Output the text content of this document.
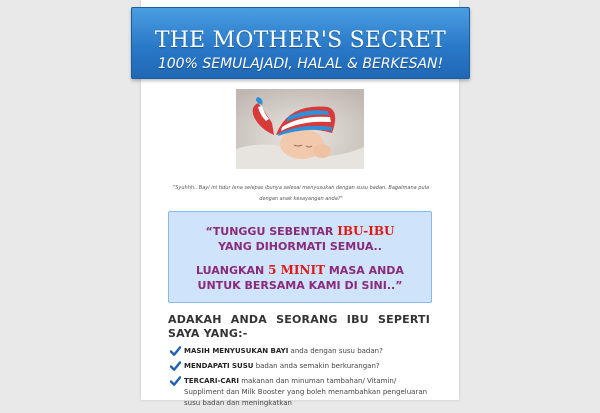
THE MOTHER'S SECRET
100% SEMULAJADI, HALAL & BERKESAN!
"Syuhhh.. Bayi ini tidur lena selepas ibunya selesai menyusukan dengan susu badan. Bagaimana pula dengan anak kesayangan anda?"
“TUNGGU SEBENTAR IBU-IBU YANG DIHORMATI SEMUA..
LUANGKAN 5 MINIT MASA ANDA UNTUK BERSAMA KAMI DI SINI..”
ADAKAH ANDA SEORANG IBU SEPERTI SAYA YANG:-
MASIH MENYUSUKAN BAYI anda dengan susu badan?
MENDAPATI SUSU badan anda semakin berkurangan?
TERCARI-CARI makanan dan minuman tambahan/ Vitamin/ Suppliment dan Milk Booster yang boleh menambahkan pengeluaran susu badan dan meningkatkan
